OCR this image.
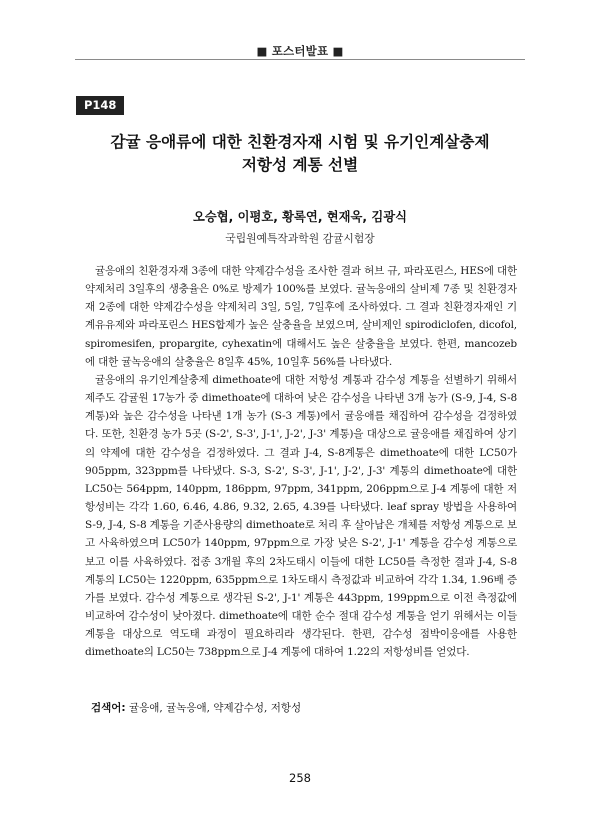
■ 포스터발표 ■
P148
감귤 응애류에 대한 친환경자재 시험 및 유기인계살충제
저항성 계통 선별
오승협, 이평호, 황록연, 현재욱, 김광식
국립원예특작과학원 감귤시험장

귤응애의 친환경자재 3종에 대한 약제감수성을 조사한 결과 허브 규, 파라포린스, HES에 대한 약제처리 3일후의 생충율은 0%로 방제가 100%를 보였다. 귤녹응애의 살비제 7종 및 친환경자재 2종에 대한 약제감수성을 약제처리 3일, 5일, 7일후에 조사하였다. 그 결과 친환경자재인 기계유유제와 파라포린스 HES합제가 높은 살충율을 보였으며, 살비제인 spirodiclofen, dicofol, spiromesifen, propargite, cyhexatin에 대해서도 높은 살충율을 보였다. 한편, mancozeb에 대한 귤녹응애의 살충율은 8일후 45%, 10일후 56%를 나타냈다.

귤응애의 유기인계살충제 dimethoate에 대한 저항성 계통과 감수성 계통을 선별하기 위해서 제주도 감귤원 17농가 중 dimethoate에 대하여 낮은 감수성을 나타낸 3개 농가 (S-9, J-4, S-8 계통)와 높은 감수성을 나타낸 1개 농가 (S-3 계통)에서 귤응애를 채집하여 감수성을 검정하였다. 또한, 친환경 농가 5곳 (S-2', S-3', J-1', J-2', J-3' 계통)을 대상으로 귤응애를 채집하여 상기의 약제에 대한 감수성을 검정하였다. 그 결과 J-4, S-8계통은 dimethoate에 대한 LC50가 905ppm, 323ppm를 나타냈다. S-3, S-2', S-3', J-1', J-2', J-3' 계통의 dimethoate에 대한 LC50는 564ppm, 140ppm, 186ppm, 97ppm, 341ppm, 206ppm으로 J-4 계통에 대한 저항성비는 각각 1.60, 6.46, 4.86, 9.32, 2.65, 4.39를 나타냈다. leaf spray 방법을 사용하여 S-9, J-4, S-8 계통을 기준사용량의 dimethoate로 처리 후 살아남은 개체를 저항성 계통으로 보고 사육하였으며 LC50가 140ppm, 97ppm으로 가장 낮은 S-2', J-1' 계통을 감수성 계통으로 보고 이를 사육하였다. 접종 3개월 후의 2차도태시 이들에 대한 LC50를 측정한 결과 J-4, S-8 계통의 LC50는 1220ppm, 635ppm으로 1차도태시 측정값과 비교하여 각각 1.34, 1.96배 증가를 보였다. 감수성 계통으로 생각된 S-2', J-1' 계통은 443ppm, 199ppm으로 이전 측정값에 비교하여 감수성이 낮아졌다. dimethoate에 대한 순수 절대 감수성 계통을 얻기 위해서는 이들 계통을 대상으로 역도태 과정이 필요하리라 생각된다. 한편, 감수성 점박이응애를 사용한 dimethoate의 LC50는 738ppm으로 J-4 계통에 대하여 1.22의 저항성비를 얻었다.

검색어: 귤응애, 귤녹응애, 약제감수성, 저항성
258
